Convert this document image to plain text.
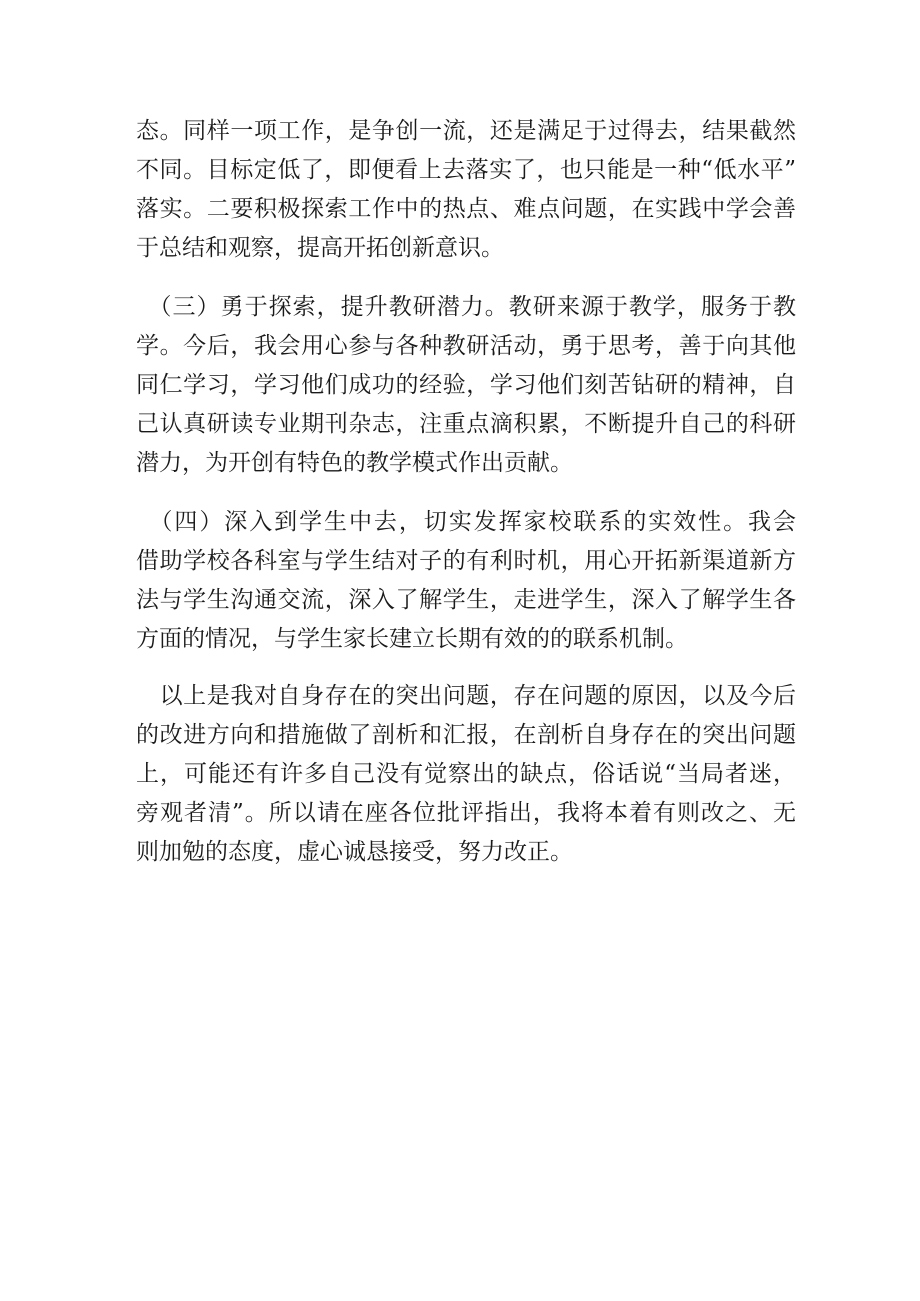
态。同样一项工作，是争创一流，还是满足于过得去，结果截然
不同。目标定低了，即便看上去落实了，也只能是一种“低水平”
落实。二要积极探索工作中的热点、难点问题，在实践中学会善
于总结和观察，提高开拓创新意识。
　（三）勇于探索，提升教研潜力。教研来源于教学，服务于教
学。今后，我会用心参与各种教研活动，勇于思考，善于向其他
同仁学习，学习他们成功的经验，学习他们刻苦钻研的精神，自
己认真研读专业期刊杂志，注重点滴积累，不断提升自己的科研
潜力，为开创有特色的教学模式作出贡献。
　（四）深入到学生中去，切实发挥家校联系的实效性。我会
借助学校各科室与学生结对子的有利时机，用心开拓新渠道新方
法与学生沟通交流，深入了解学生，走进学生，深入了解学生各
方面的情况，与学生家长建立长期有效的的联系机制。
　以上是我对自身存在的突出问题，存在问题的原因，以及今后
的改进方向和措施做了剖析和汇报，在剖析自身存在的突出问题
上，可能还有许多自己没有觉察出的缺点，俗话说“当局者迷，
旁观者清”。所以请在座各位批评指出，我将本着有则改之、无
则加勉的态度，虚心诚恳接受，努力改正。
